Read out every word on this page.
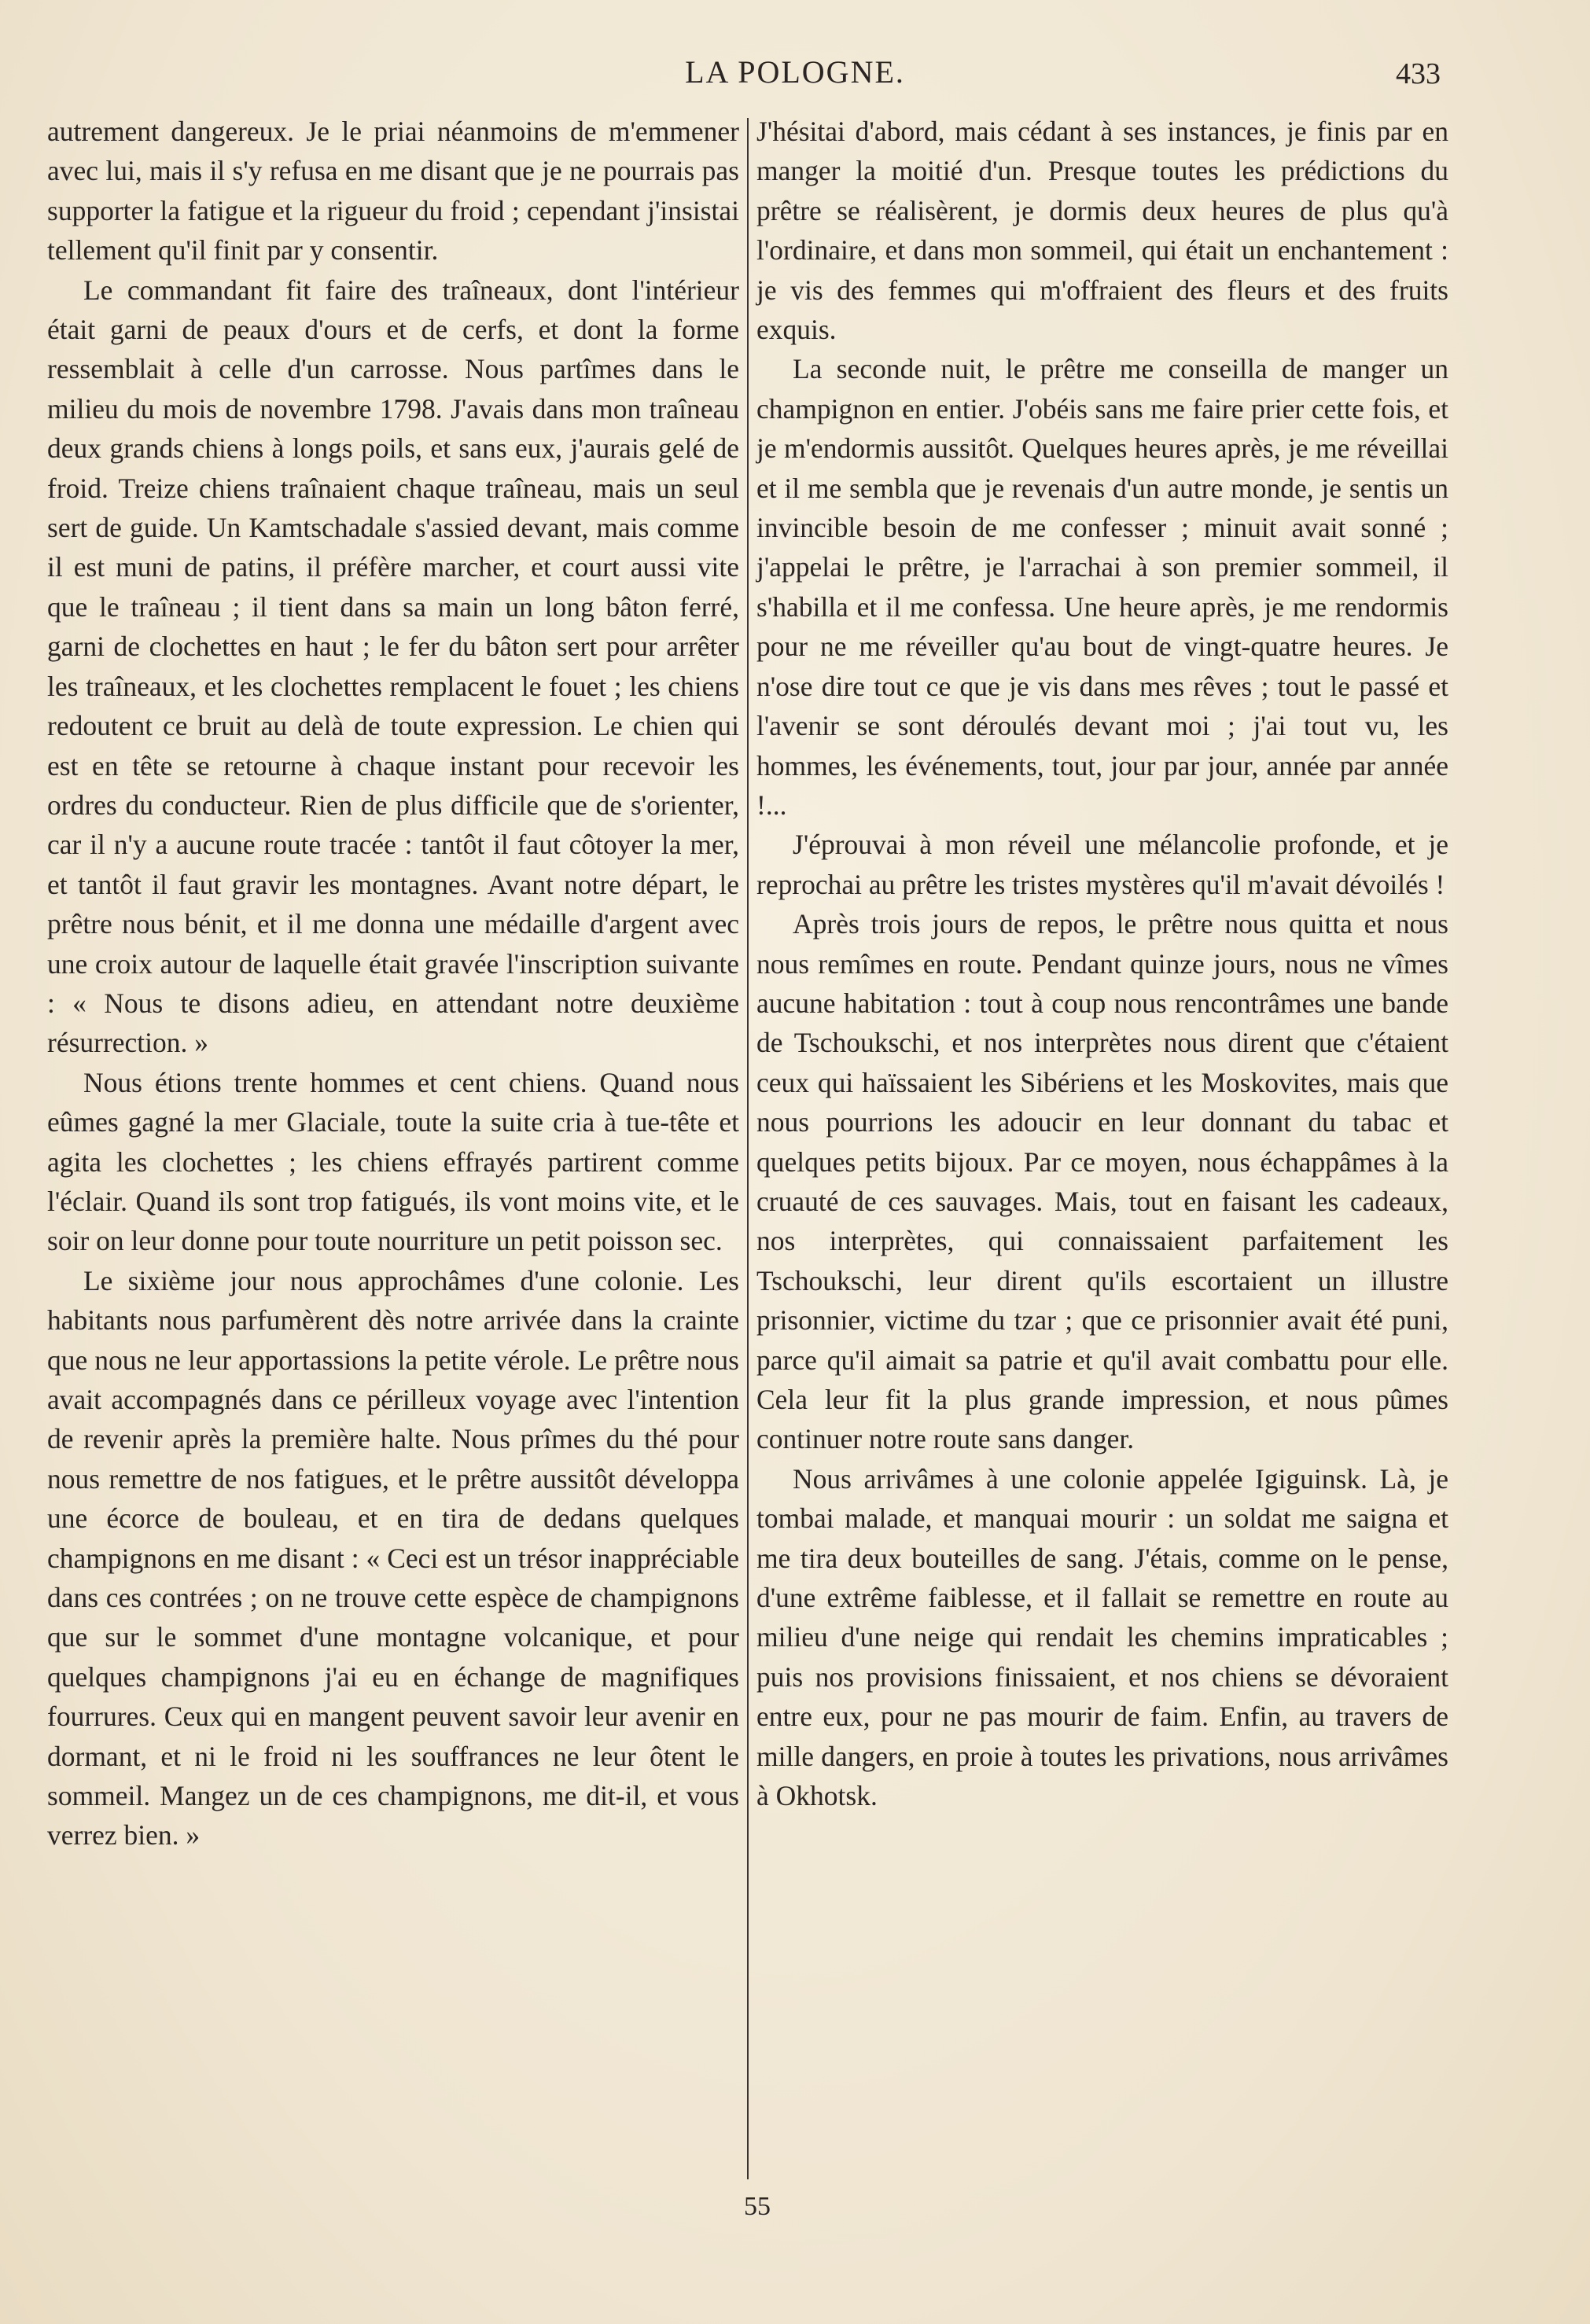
LA POLOGNE.	433

autrement dangereux. Je le priai néanmoins de m'emmener avec lui, mais il s'y refusa en me disant que je ne pourrais pas supporter la fatigue et la rigueur du froid ; cependant j'insistai tellement qu'il finit par y consentir.

Le commandant fit faire des traîneaux, dont l'intérieur était garni de peaux d'ours et de cerfs, et dont la forme ressemblait à celle d'un carrosse. Nous partîmes dans le milieu du mois de novembre 1798. J'avais dans mon traîneau deux grands chiens à longs poils, et sans eux, j'aurais gelé de froid. Treize chiens traînaient chaque traîneau, mais un seul sert de guide. Un Kamtschadale s'assied devant, mais comme il est muni de patins, il préfère marcher, et court aussi vite que le traîneau ; il tient dans sa main un long bâton ferré, garni de clochettes en haut ; le fer du bâton sert pour arrêter les traîneaux, et les clochettes remplacent le fouet ; les chiens redoutent ce bruit au delà de toute expression. Le chien qui est en tête se retourne à chaque instant pour recevoir les ordres du conducteur. Rien de plus difficile que de s'orienter, car il n'y a aucune route tracée : tantôt il faut côtoyer la mer, et tantôt il faut gravir les montagnes. Avant notre départ, le prêtre nous bénit, et il me donna une médaille d'argent avec une croix autour de laquelle était gravée l'inscription suivante : « Nous te disons adieu, en attendant notre deuxième résurrection. »

Nous étions trente hommes et cent chiens. Quand nous eûmes gagné la mer Glaciale, toute la suite cria à tue-tête et agita les clochettes ; les chiens effrayés partirent comme l'éclair. Quand ils sont trop fatigués, ils vont moins vite, et le soir on leur donne pour toute nourriture un petit poisson sec.

Le sixième jour nous approchâmes d'une colonie. Les habitants nous parfumèrent dès notre arrivée dans la crainte que nous ne leur apportassions la petite vérole. Le prêtre nous avait accompagnés dans ce périlleux voyage avec l'intention de revenir après la première halte. Nous prîmes du thé pour nous remettre de nos fatigues, et le prêtre aussitôt développa une écorce de bouleau, et en tira de dedans quelques champignons en me disant : « Ceci est un trésor inappréciable dans ces contrées ; on ne trouve cette espèce de champignons que sur le sommet d'une montagne volcanique, et pour quelques champignons j'ai eu en échange de magnifiques fourrures. Ceux qui en mangent peuvent savoir leur avenir en dormant, et ni le froid ni les souffrances ne leur ôtent le sommeil. Mangez un de ces champignons, me dit-il, et vous verrez bien. »

J'hésitai d'abord, mais cédant à ses instances, je finis par en manger la moitié d'un. Presque toutes les prédictions du prêtre se réalisèrent, je dormis deux heures de plus qu'à l'ordinaire, et dans mon sommeil, qui était un enchantement : je vis des femmes qui m'offraient des fleurs et des fruits exquis.

La seconde nuit, le prêtre me conseilla de manger un champignon en entier. J'obéis sans me faire prier cette fois, et je m'endormis aussitôt. Quelques heures après, je me réveillai et il me sembla que je revenais d'un autre monde, je sentis un invincible besoin de me confesser ; minuit avait sonné ; j'appelai le prêtre, je l'arrachai à son premier sommeil, il s'habilla et il me confessa. Une heure après, je me rendormis pour ne me réveiller qu'au bout de vingt-quatre heures. Je n'ose dire tout ce que je vis dans mes rêves ; tout le passé et l'avenir se sont déroulés devant moi ; j'ai tout vu, les hommes, les événements, tout, jour par jour, année par année !...

J'éprouvai à mon réveil une mélancolie profonde, et je reprochai au prêtre les tristes mystères qu'il m'avait dévoilés !

Après trois jours de repos, le prêtre nous quitta et nous nous remîmes en route. Pendant quinze jours, nous ne vîmes aucune habitation : tout à coup nous rencontrâmes une bande de Tschoukschi, et nos interprètes nous dirent que c'étaient ceux qui haïssaient les Sibériens et les Moskovites, mais que nous pourrions les adoucir en leur donnant du tabac et quelques petits bijoux. Par ce moyen, nous échappâmes à la cruauté de ces sauvages. Mais, tout en faisant les cadeaux, nos interprètes, qui connaissaient parfaitement les Tschoukschi, leur dirent qu'ils escortaient un illustre prisonnier, victime du tzar ; que ce prisonnier avait été puni, parce qu'il aimait sa patrie et qu'il avait combattu pour elle. Cela leur fit la plus grande impression, et nous pûmes continuer notre route sans danger.

Nous arrivâmes à une colonie appelée Igiguinsk. Là, je tombai malade, et manquai mourir : un soldat me saigna et me tira deux bouteilles de sang. J'étais, comme on le pense, d'une extrême faiblesse, et il fallait se remettre en route au milieu d'une neige qui rendait les chemins impraticables ; puis nos provisions finissaient, et nos chiens se dévoraient entre eux, pour ne pas mourir de faim. Enfin, au travers de mille dangers, en proie à toutes les privations, nous arrivâmes à Okhotsk.

55
